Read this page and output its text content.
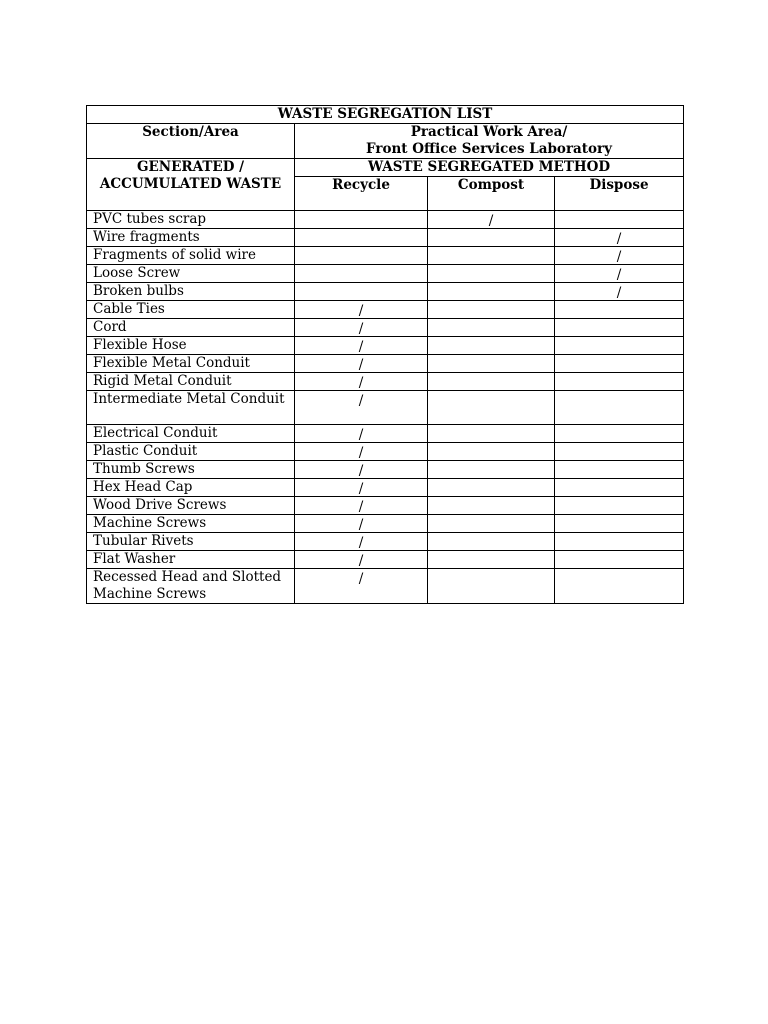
WASTE SEGREGATION LIST			
Section/Area	Practical Work Area/
Front Office Services Laboratory		

GENERATED /
ACCUMULATED WASTE	WASTE SEGREGATED METHOD		
	Recycle	Compost	Dispose
PVC tubes scrap		/	
Wire fragments			/
Fragments of solid wire			/
Loose Screw			/
Broken bulbs			/
Cable Ties	/		
Cord	/		
Flexible Hose	/		
Flexible Metal Conduit	/		
Rigid Metal Conduit	/		
Intermediate Metal Conduit	/		
Electrical Conduit	/		
Plastic Conduit	/		
Thumb Screws	/		
Hex Head Cap	/		
Wood Drive Screws	/		
Machine Screws	/		
Tubular Rivets	/		
Flat Washer	/		
Recessed Head and Slotted Machine Screws	/		
